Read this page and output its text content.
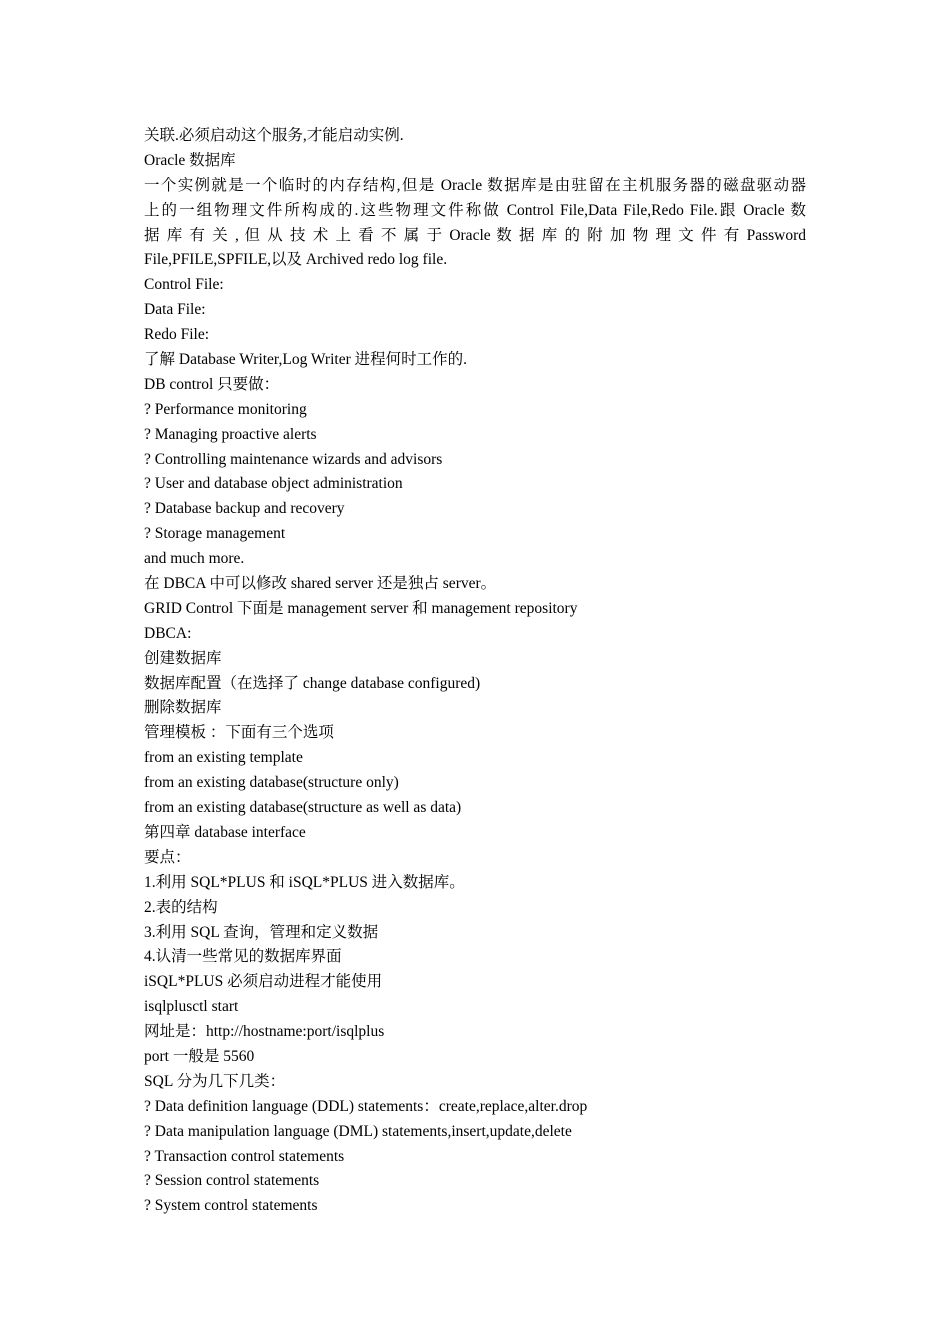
关联.必须启动这个服务,才能启动实例.
Oracle 数据库
一个实例就是一个临时的内存结构,但是 Oracle 数据库是由驻留在主机服务器的磁盘驱动器
上的一组物理文件所构成的.这些物理文件称做 Control File,Data File,Redo File.跟 Oracle 数
据 库 有 关 , 但 从 技 术 上 看 不 属 于 Oracle 数 据 库 的 附 加 物 理 文 件 有 Password
File,PFILE,SPFILE,以及 Archived redo log file.
Control File:
Data File:
Redo File:
了解 Database Writer,Log Writer 进程何时工作的.
DB control 只要做：
? Performance monitoring
? Managing proactive alerts
? Controlling maintenance wizards and advisors
? User and database object administration
? Database backup and recovery
? Storage management
and much more.
在 DBCA 中可以修改 shared server 还是独占 server。
GRID Control 下面是 management server 和 management repository
DBCA:
创建数据库
数据库配置（在选择了 change database configured)
删除数据库
管理模板 ：下面有三个选项
from an existing template
from an existing database(structure only)
from an existing database(structure as well as data)
第四章 database interface
要点：
1.利用 SQL*PLUS 和 iSQL*PLUS 进入数据库。
2.表的结构
3.利用 SQL 查询，管理和定义数据
4.认清一些常见的数据库界面
iSQL*PLUS 必须启动进程才能使用
isqlplusctl start
网址是：http://hostname:port/isqlplus
port 一般是 5560
SQL 分为几下几类：
? Data definition language (DDL) statements：create,replace,alter.drop
? Data manipulation language (DML) statements,insert,update,delete
? Transaction control statements
? Session control statements
? System control statements
